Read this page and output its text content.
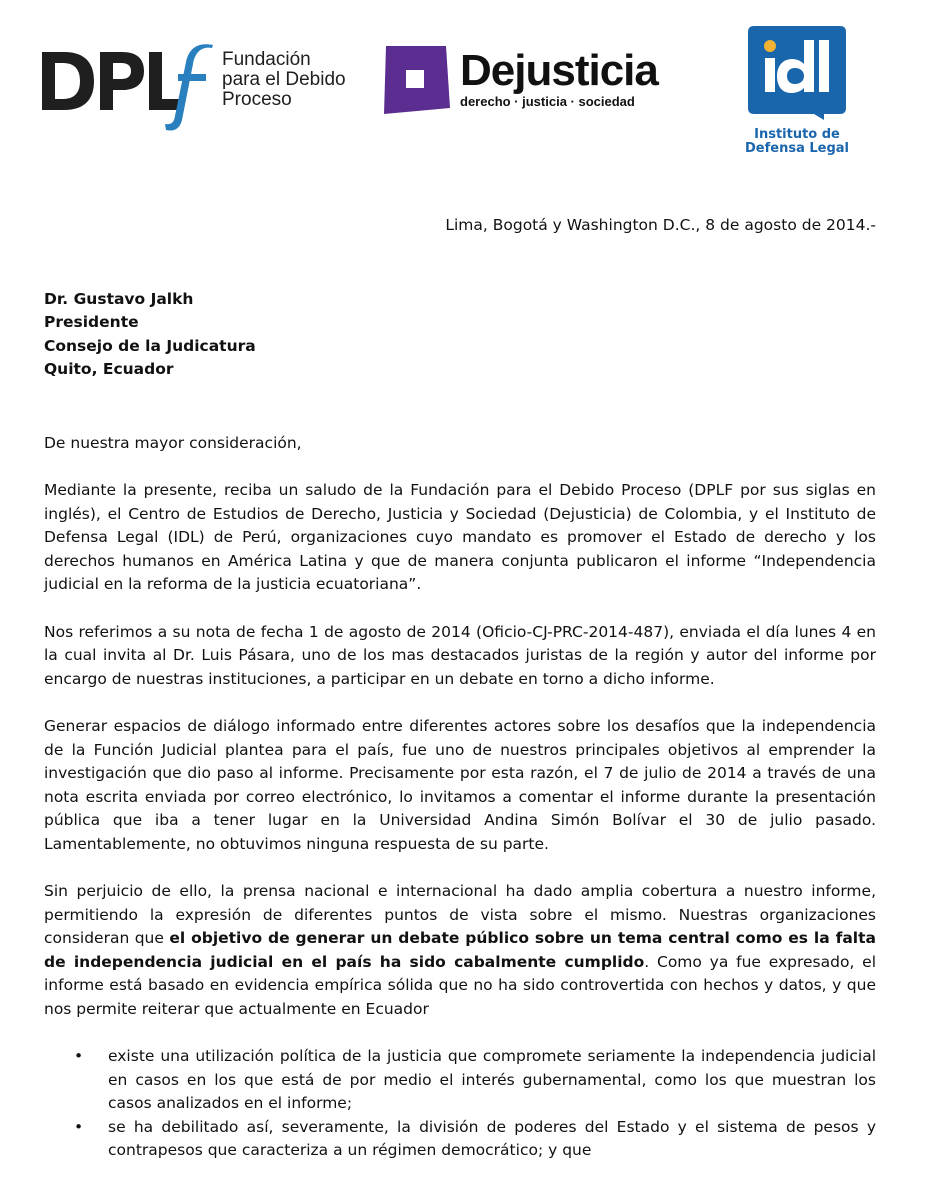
Fundación
para el Debido
Proceso
Dejusticia
derecho · justicia · sociedad
Instituto de
Defensa Legal

Lima, Bogotá y Washington D.C., 8 de agosto de 2014.-

Dr. Gustavo Jalkh
Presidente
Consejo de la Judicatura
Quito, Ecuador

De nuestra mayor consideración,

Mediante la presente, reciba un saludo de la Fundación para el Debido Proceso (DPLF por sus siglas en inglés), el Centro de Estudios de Derecho, Justicia y Sociedad (Dejusticia) de Colombia, y el Instituto de Defensa Legal (IDL) de Perú, organizaciones cuyo mandato es promover el Estado de derecho y los derechos humanos en América Latina y que de manera conjunta publicaron el informe “Independencia judicial en la reforma de la justicia ecuatoriana”.

Nos referimos a su nota de fecha 1 de agosto de 2014 (Oficio-CJ-PRC-2014-487), enviada el día lunes 4 en la cual invita al Dr. Luis Pásara, uno de los mas destacados juristas de la región y autor del informe por encargo de nuestras instituciones, a participar en un debate en torno a dicho informe.

Generar espacios de diálogo informado entre diferentes actores sobre los desafíos que la independencia de la Función Judicial plantea para el país, fue uno de nuestros principales objetivos al emprender la investigación que dio paso al informe. Precisamente por esta razón, el 7 de julio de 2014 a través de una nota escrita enviada por correo electrónico, lo invitamos a comentar el informe durante la presentación pública que iba a tener lugar en la Universidad Andina Simón Bolívar el 30 de julio pasado. Lamentablemente, no obtuvimos ninguna respuesta de su parte.

Sin perjuicio de ello, la prensa nacional e internacional ha dado amplia cobertura a nuestro informe, permitiendo la expresión de diferentes puntos de vista sobre el mismo. Nuestras organizaciones consideran que el objetivo de generar un debate público sobre un tema central como es la falta de independencia judicial en el país ha sido cabalmente cumplido. Como ya fue expresado, el informe está basado en evidencia empírica sólida que no ha sido controvertida con hechos y datos, y que nos permite reiterar que actualmente en Ecuador

• existe una utilización política de la justicia que compromete seriamente la independencia judicial en casos en los que está de por medio el interés gubernamental, como los que muestran los casos analizados en el informe;
• se ha debilitado así, severamente, la división de poderes del Estado y el sistema de pesos y contrapesos que caracteriza a un régimen democrático; y que
